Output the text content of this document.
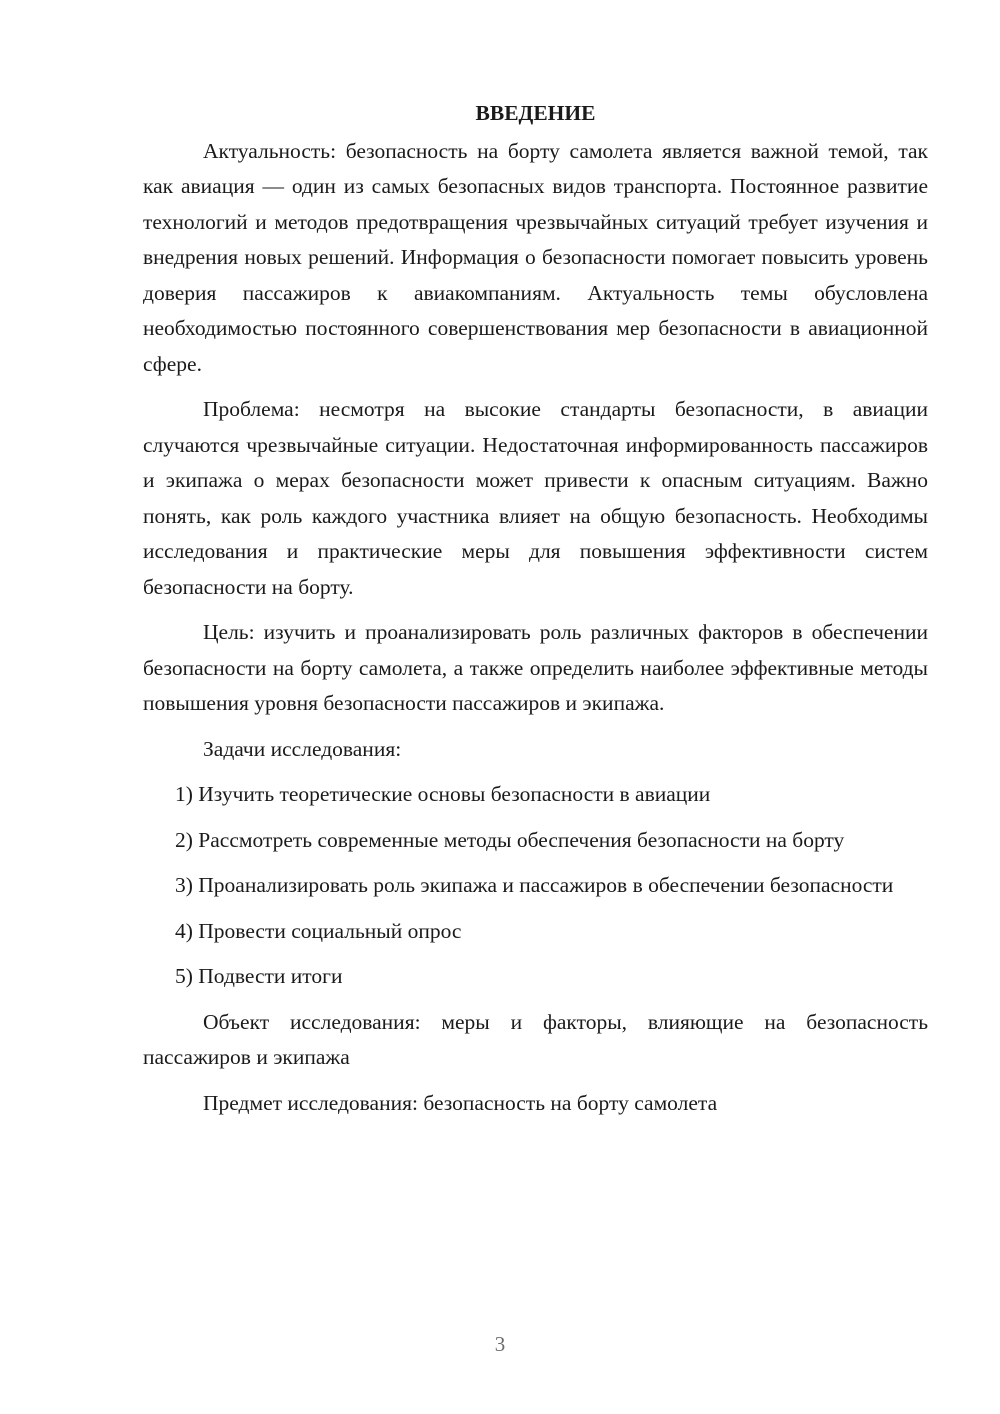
ВВЕДЕНИЕ

Актуальность: безопасность на борту самолета является важной темой, так как авиация — один из самых безопасных видов транспорта. Постоянное развитие технологий и методов предотвращения чрезвычайных ситуаций требует изучения и внедрения новых решений. Информация о безопасности помогает повысить уровень доверия пассажиров к авиакомпаниям. Актуальность темы обусловлена необходимостью постоянного совершенствования мер безопасности в авиационной сфере.

Проблема: несмотря на высокие стандарты безопасности, в авиации случаются чрезвычайные ситуации. Недостаточная информированность пассажиров и экипажа о мерах безопасности может привести к опасным ситуациям. Важно понять, как роль каждого участника влияет на общую безопасность. Необходимы исследования и практические меры для повышения эффективности систем безопасности на борту.

Цель: изучить и проанализировать роль различных факторов в обеспечении безопасности на борту самолета, а также определить наиболее эффективные методы повышения уровня безопасности пассажиров и экипажа.

Задачи исследования:

1) Изучить теоретические основы безопасности в авиации

2) Рассмотреть современные методы обеспечения безопасности на борту

3) Проанализировать роль экипажа и пассажиров в обеспечении безопасности

4) Провести социальный опрос

5) Подвести итоги

Объект исследования: меры и факторы, влияющие на безопасность пассажиров и экипажа

Предмет исследования: безопасность на борту самолета

3
